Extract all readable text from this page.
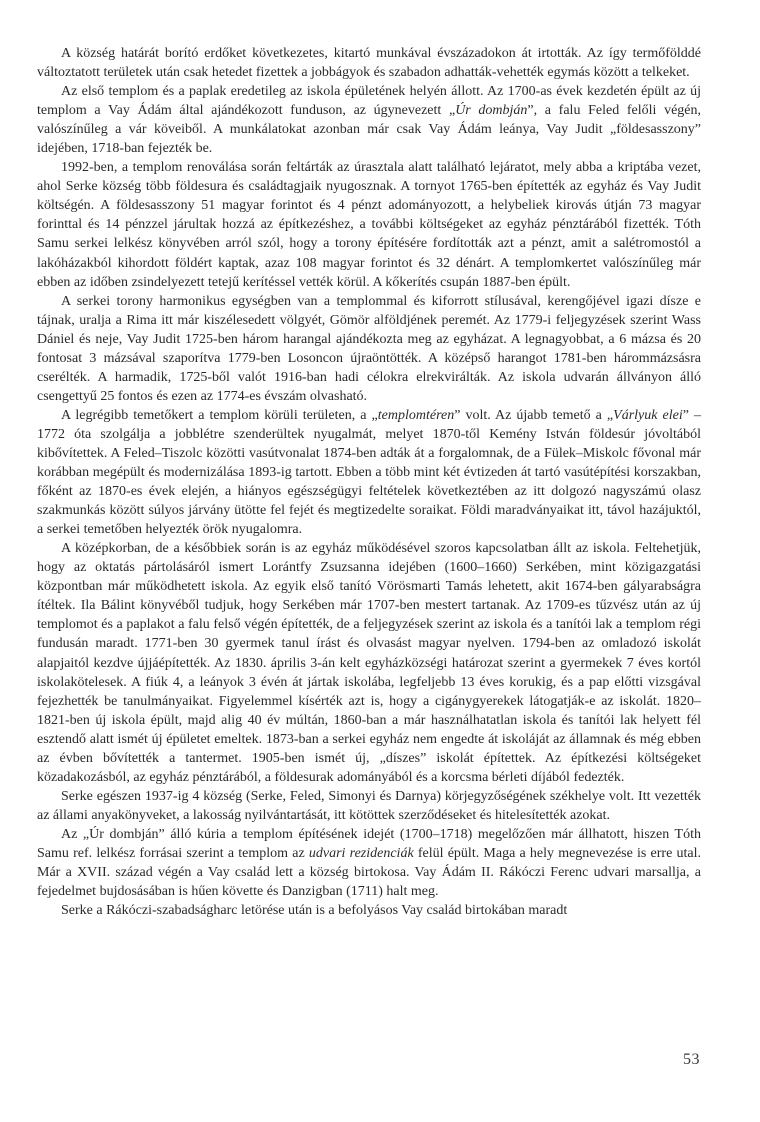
A község határát borító erdőket következetes, kitartó munkával évszázadokon át irtották. Az így termőfölddé változtatott területek után csak hetedet fizettek a jobbágyok és szabadon adhatták-vehették egymás között a telkeket.

Az első templom és a paplak eredetileg az iskola épületének helyén állott. Az 1700-as évek kezdetén épült az új templom a Vay Ádám által ajándékozott funduson, az úgynevezett „Úr dombján”, a falu Feled felőli végén, valószínűleg a vár köveiből. A munkálatokat azonban már csak Vay Ádám leánya, Vay Judit „földesasszony” idejében, 1718-ban fejezték be.

1992-ben, a templom renoválása során feltárták az úrasztala alatt található lejáratot, mely abba a kriptába vezet, ahol Serke község több földesura és családtagjaik nyugosznak. A tornyot 1765-ben építették az egyház és Vay Judit költségén. A földesasszony 51 magyar forintot és 4 pénzt adományozott, a helybeliek kirovás útján 73 magyar forinttal és 14 pénzzel járultak hozzá az építkezéshez, a további költségeket az egyház pénztárából fizették. Tóth Samu serkei lelkész könyvében arról szól, hogy a torony építésére fordították azt a pénzt, amit a salétromostól a lakóházakból kihordott földért kaptak, azaz 108 magyar forintot és 32 dénárt. A templomkertet valószínűleg már ebben az időben zsindelyezett tetejű kerítéssel vették körül. A kőkerítés csupán 1887-ben épült.

A serkei torony harmonikus egységben van a templommal és kiforrott stílusával, kerengőjével igazi dísze e tájnak, uralja a Rima itt már kiszélesedett völgyét, Gömör alföldjének peremét. Az 1779-i feljegyzések szerint Wass Dániel és neje, Vay Judit 1725-ben három harangal ajándékozta meg az egyházat. A legnagyobbat, a 6 mázsa és 20 fontosat 3 mázsával szaporítva 1779-ben Losoncon újraöntötték. A középső harangot 1781-ben hárommázsásra cserélték. A harmadik, 1725-ből valót 1916-ban hadi célokra elrekvirálták. Az iskola udvarán állványon álló csengettyű 25 fontos és ezen az 1774-es évszám olvasható.

A legrégibb temetőkert a templom körüli területen, a „templomtéren” volt. Az újabb temető a „Várlyuk elei” – 1772 óta szolgálja a jobblétre szenderültek nyugalmát, melyet 1870-től Kemény István földesúr jóvoltából kibővítettek. A Feled–Tiszolc közötti vasútvonalat 1874-ben adták át a forgalomnak, de a Fülek–Miskolc fővonal már korábban megépült és modernizálása 1893-ig tartott. Ebben a több mint két évtizeden át tartó vasútépítési korszakban, főként az 1870-es évek elején, a hiányos egészségügyi feltételek következtében az itt dolgozó nagyszámú olasz szakmunkás között súlyos járvány ütötte fel fejét és megtizedelte soraikat. Földi maradványaikat itt, távol hazájuktól, a serkei temetőben helyezték örök nyugalomra.

A középkorban, de a későbbiek során is az egyház működésével szoros kapcsolatban állt az iskola. Feltehetjük, hogy az oktatás pártolásáról ismert Lorántfy Zsuzsanna idejében (1600–1660) Serkében, mint közigazgatási központban már működhetett iskola. Az egyik első tanító Vörösmarti Tamás lehetett, akit 1674-ben gályarabságra ítéltek. Ila Bálint könyvéből tudjuk, hogy Serkében már 1707-ben mestert tartanak. Az 1709-es tűzvész után az új templomot és a paplakot a falu felső végén építették, de a feljegyzések szerint az iskola és a tanítói lak a templom régi fundusán maradt. 1771-ben 30 gyermek tanul írást és olvasást magyar nyelven. 1794-ben az omladozó iskolát alapjaitól kezdve újjáépítették. Az 1830. április 3-án kelt egyházközségi határozat szerint a gyermekek 7 éves kortól iskolakötelesek. A fiúk 4, a leányok 3 évén át jártak iskolába, legfeljebb 13 éves korukig, és a pap előtti vizsgával fejezhették be tanulmányaikat. Figyelemmel kísérték azt is, hogy a cigánygyerekek látogatják-e az iskolát. 1820–1821-ben új iskola épült, majd alig 40 év múltán, 1860-ban a már használhatatlan iskola és tanítói lak helyett fél esztendő alatt ismét új épületet emeltek. 1873-ban a serkei egyház nem engedte át iskoláját az államnak és még ebben az évben bővítették a tantermet. 1905-ben ismét új, „díszes” iskolát építettek. Az építkezési költségeket közadakozásból, az egyház pénztárából, a földesurak adományából és a korcsma bérleti díjából fedezték.

Serke egészen 1937-ig 4 község (Serke, Feled, Simonyi és Darnya) körjegyzőségének székhelye volt. Itt vezették az állami anyakönyveket, a lakosság nyilvántartását, itt kötöttek szerződéseket és hitelesítették azokat.

Az „Úr dombján” álló kúria a templom építésének idejét (1700–1718) megelőzően már állhatott, hiszen Tóth Samu ref. lelkész forrásai szerint a templom az udvari rezidenciák felül épült. Maga a hely megnevezése is erre utal. Már a XVII. század végén a Vay család lett a község birtokosa. Vay Ádám II. Rákóczi Ferenc udvari marsallja, a fejedelmet bujdosásában is hűen követte és Danzigban (1711) halt meg.

Serke a Rákóczi-szabadságharc letörése után is a befolyásos Vay család birtokában maradt

53
